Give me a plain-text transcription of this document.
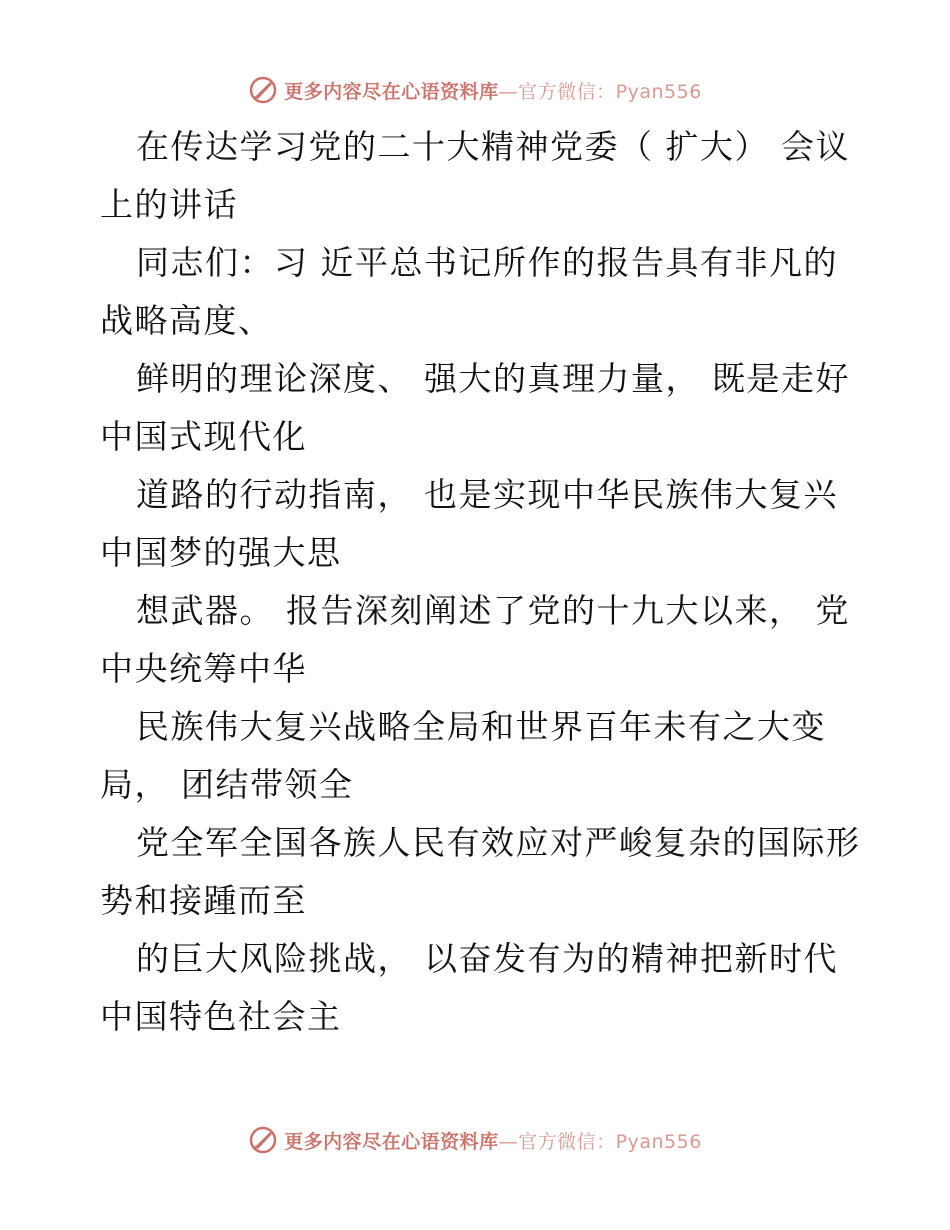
更多内容尽在心语资料库—官方微信：Pyan556
在传达学习党的二十大精神党委（ 扩大） 会议
上的讲话
同志们：习 近平总书记所作的报告具有非凡的
战略高度、
鲜明的理论深度、 强大的真理力量， 既是走好
中国式现代化
道路的行动指南， 也是实现中华民族伟大复兴
中国梦的强大思
想武器。 报告深刻阐述了党的十九大以来， 党
中央统筹中华
民族伟大复兴战略全局和世界百年未有之大变
局， 团结带领全
党全军全国各族人民有效应对严峻复杂的国际形
势和接踵而至
的巨大风险挑战， 以奋发有为的精神把新时代
中国特色社会主
更多内容尽在心语资料库—官方微信：Pyan556
